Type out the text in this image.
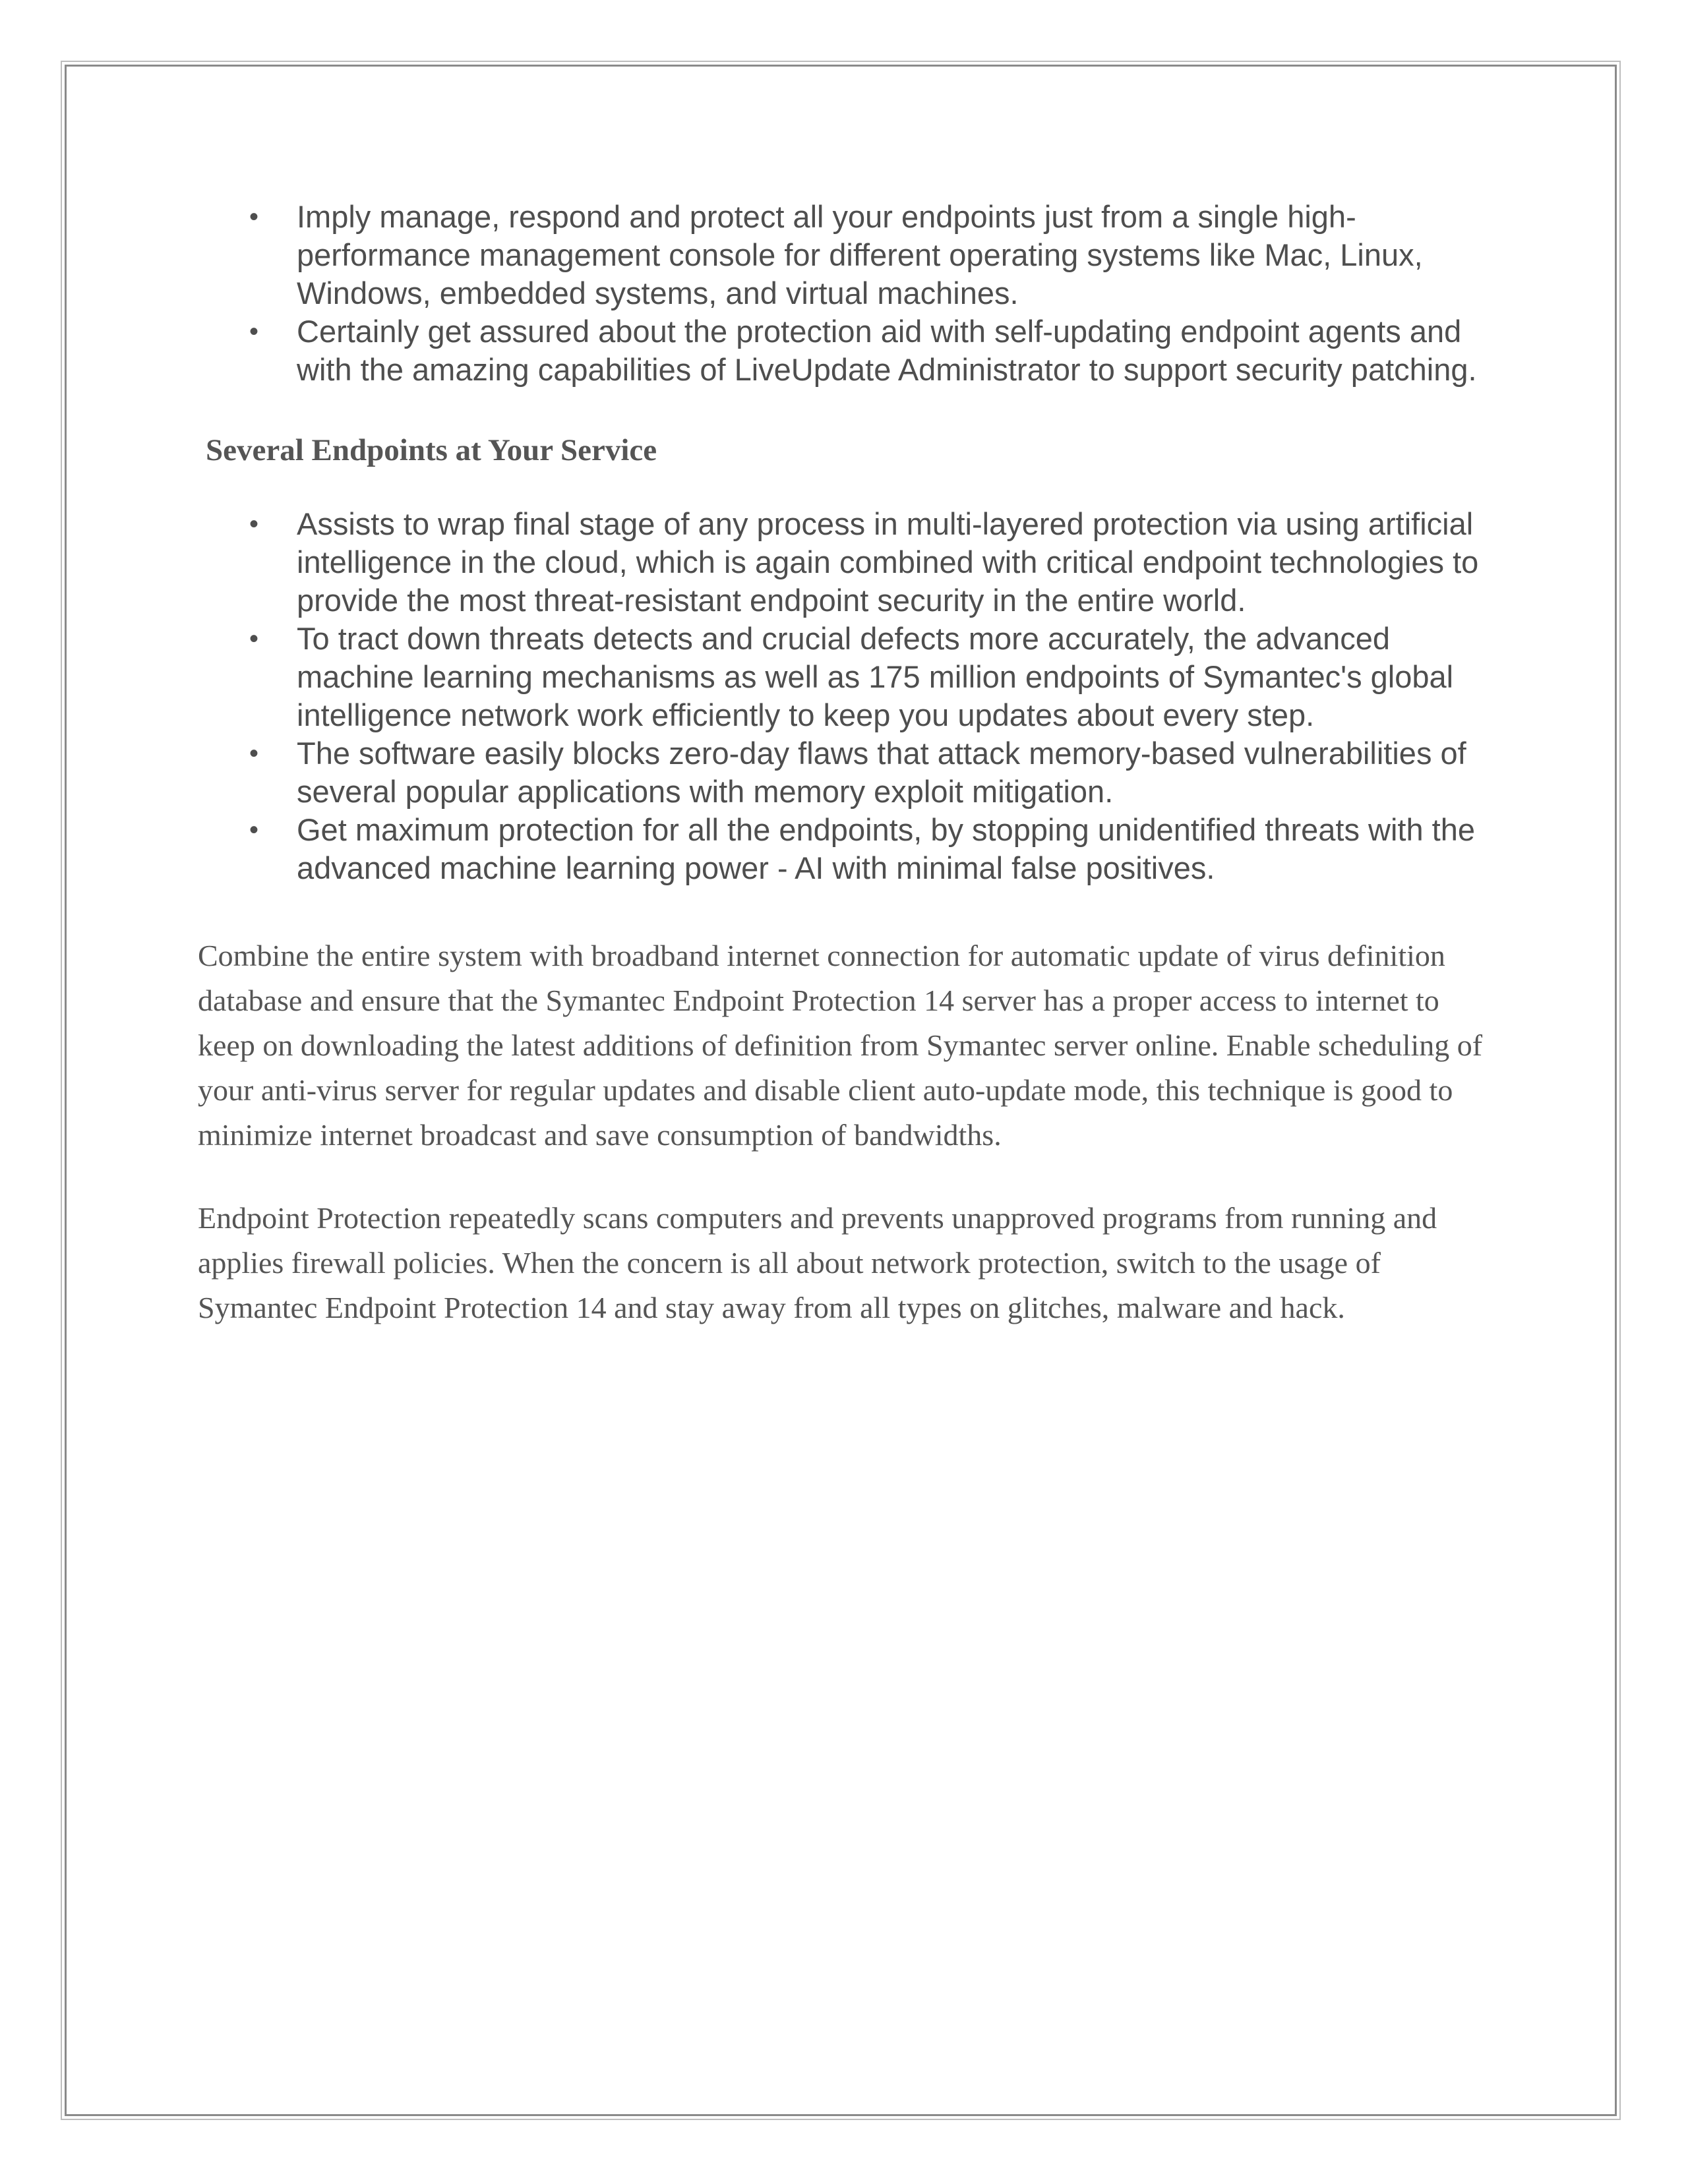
• Imply manage, respond and protect all your endpoints just from a single high-performance management console for different operating systems like Mac, Linux, Windows, embedded systems, and virtual machines.
• Certainly get assured about the protection aid with self-updating endpoint agents and with the amazing capabilities of LiveUpdate Administrator to support security patching.
Several Endpoints at Your Service
• Assists to wrap final stage of any process in multi-layered protection via using artificial intelligence in the cloud, which is again combined with critical endpoint technologies to provide the most threat-resistant endpoint security in the entire world.
• To tract down threats detects and crucial defects more accurately, the advanced machine learning mechanisms as well as 175 million endpoints of Symantec's global intelligence network work efficiently to keep you updates about every step.
• The software easily blocks zero-day flaws that attack memory-based vulnerabilities of several popular applications with memory exploit mitigation.
• Get maximum protection for all the endpoints, by stopping unidentified threats with the advanced machine learning power - AI with minimal false positives.

Combine the entire system with broadband internet connection for automatic update of virus definition database and ensure that the Symantec Endpoint Protection 14 server has a proper access to internet to keep on downloading the latest additions of definition from Symantec server online. Enable scheduling of your anti-virus server for regular updates and disable client auto-update mode, this technique is good to minimize internet broadcast and save consumption of bandwidths.

Endpoint Protection repeatedly scans computers and prevents unapproved programs from running and applies firewall policies. When the concern is all about network protection, switch to the usage of Symantec Endpoint Protection 14 and stay away from all types on glitches, malware and hack.
